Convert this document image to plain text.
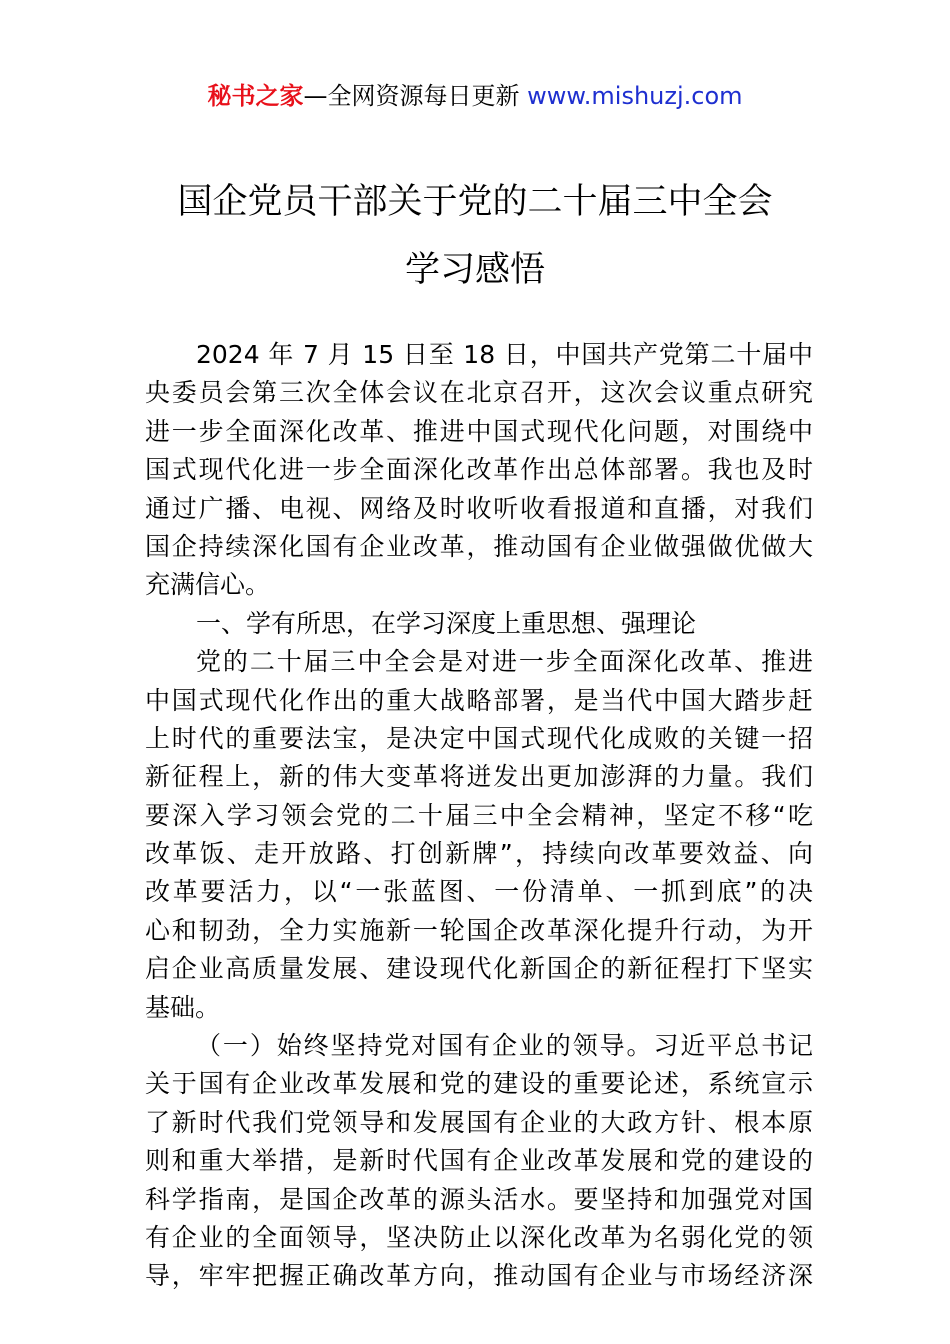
秘书之家—全网资源每日更新 www.mishuzj.com
国企党员干部关于党的二十届三中全会
学习感悟
2024 年 7 月 15 日至 18 日，中国共产党第二十届中
央委员会第三次全体会议在北京召开，这次会议重点研究
进一步全面深化改革、推进中国式现代化问题，对围绕中
国式现代化进一步全面深化改革作出总体部署。我也及时
通过广播、电视、网络及时收听收看报道和直播，对我们
国企持续深化国有企业改革，推动国有企业做强做优做大
充满信心。
一、学有所思，在学习深度上重思想、强理论
党的二十届三中全会是对进一步全面深化改革、推进
中国式现代化作出的重大战略部署，是当代中国大踏步赶
上时代的重要法宝，是决定中国式现代化成败的关键一招
新征程上，新的伟大变革将迸发出更加澎湃的力量。我们
要深入学习领会党的二十届三中全会精神，坚定不移“吃
改革饭、走开放路、打创新牌”，持续向改革要效益、向
改革要活力，以“一张蓝图、一份清单、一抓到底”的决
心和韧劲，全力实施新一轮国企改革深化提升行动，为开
启企业高质量发展、建设现代化新国企的新征程打下坚实
基础。
（一）始终坚持党对国有企业的领导。习近平总书记
关于国有企业改革发展和党的建设的重要论述，系统宣示
了新时代我们党领导和发展国有企业的大政方针、根本原
则和重大举措，是新时代国有企业改革发展和党的建设的
科学指南，是国企改革的源头活水。要坚持和加强党对国
有企业的全面领导，坚决防止以深化改革为名弱化党的领
导，牢牢把握正确改革方向，推动国有企业与市场经济深
